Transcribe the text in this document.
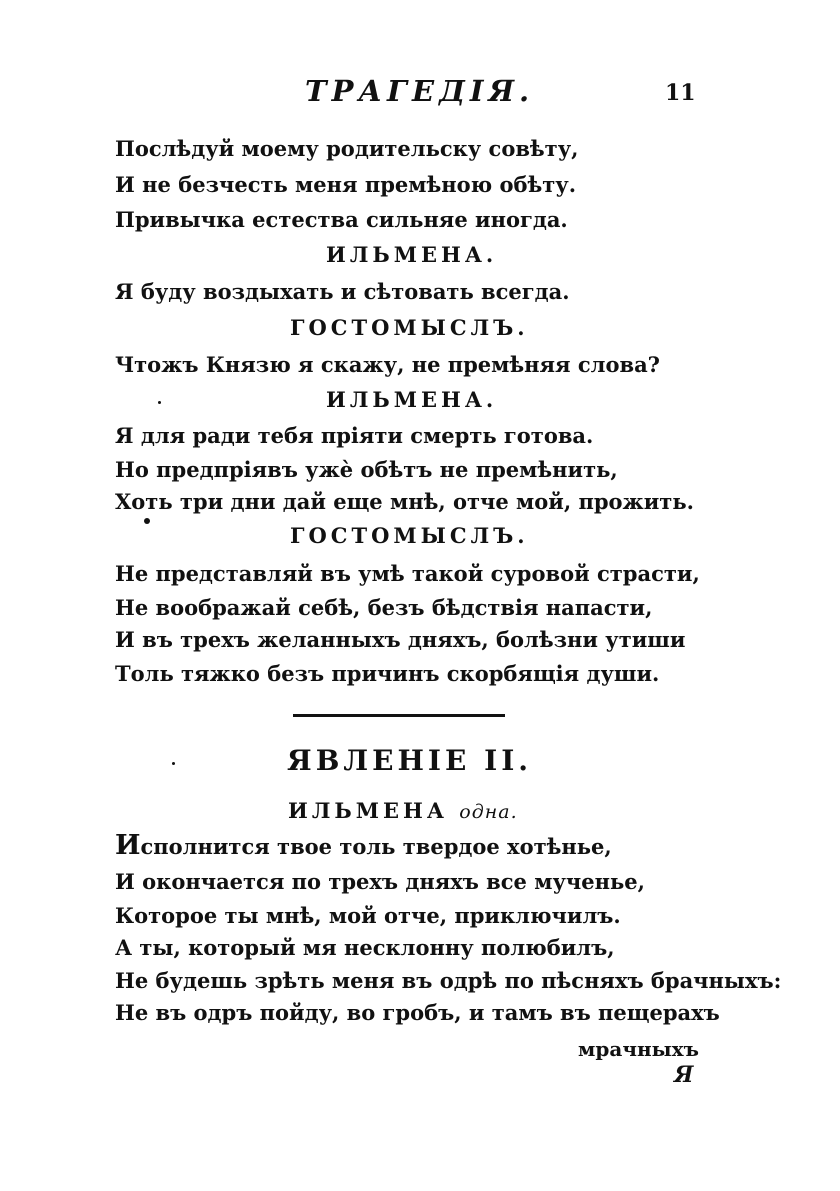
ТРАГЕДІЯ.	11
Послѣдуй моему родительску совѣту,
И не безчесть меня премѣною обѣту.
Привычка естества сильняе иногда.
ИЛЬМЕНА.
Я буду воздыхать и сѣтовать всегда.
ГОСТОМЫСЛЪ.
Чтожъ Князю я скажу, не премѣняя слова?
ИЛЬМЕНА.
Я для ради тебя пріяти смерть готова.
Но предпріявъ ужѐ обѣтъ не премѣнить,
Хоть три дни дай еще мнѣ, отче мой, прожить.
ГОСТОМЫСЛЪ.
Не представляй въ умѣ такой суровой страсти,
Не воображай себѣ, безъ бѣдствія напасти,
И въ трехъ желанныхъ дняхъ, болѣзни утиши
Толь тяжко безъ причинъ скорбящія души.
ЯВЛЕНІЕ II.
ИЛЬМЕНА одна.
Исполнится твое толь твердое хотѣнье,
И окончается по трехъ дняхъ все мученье,
Которое ты мнѣ, мой отче, приключилъ.
А ты, который мя несклонну полюбилъ,
Не будешь зрѣть меня въ одрѣ по пѣсняхъ брачныхъ:
Не въ одръ пойду, во гробъ, и тамъ въ пещерахъ
мрачныхъ
Я
